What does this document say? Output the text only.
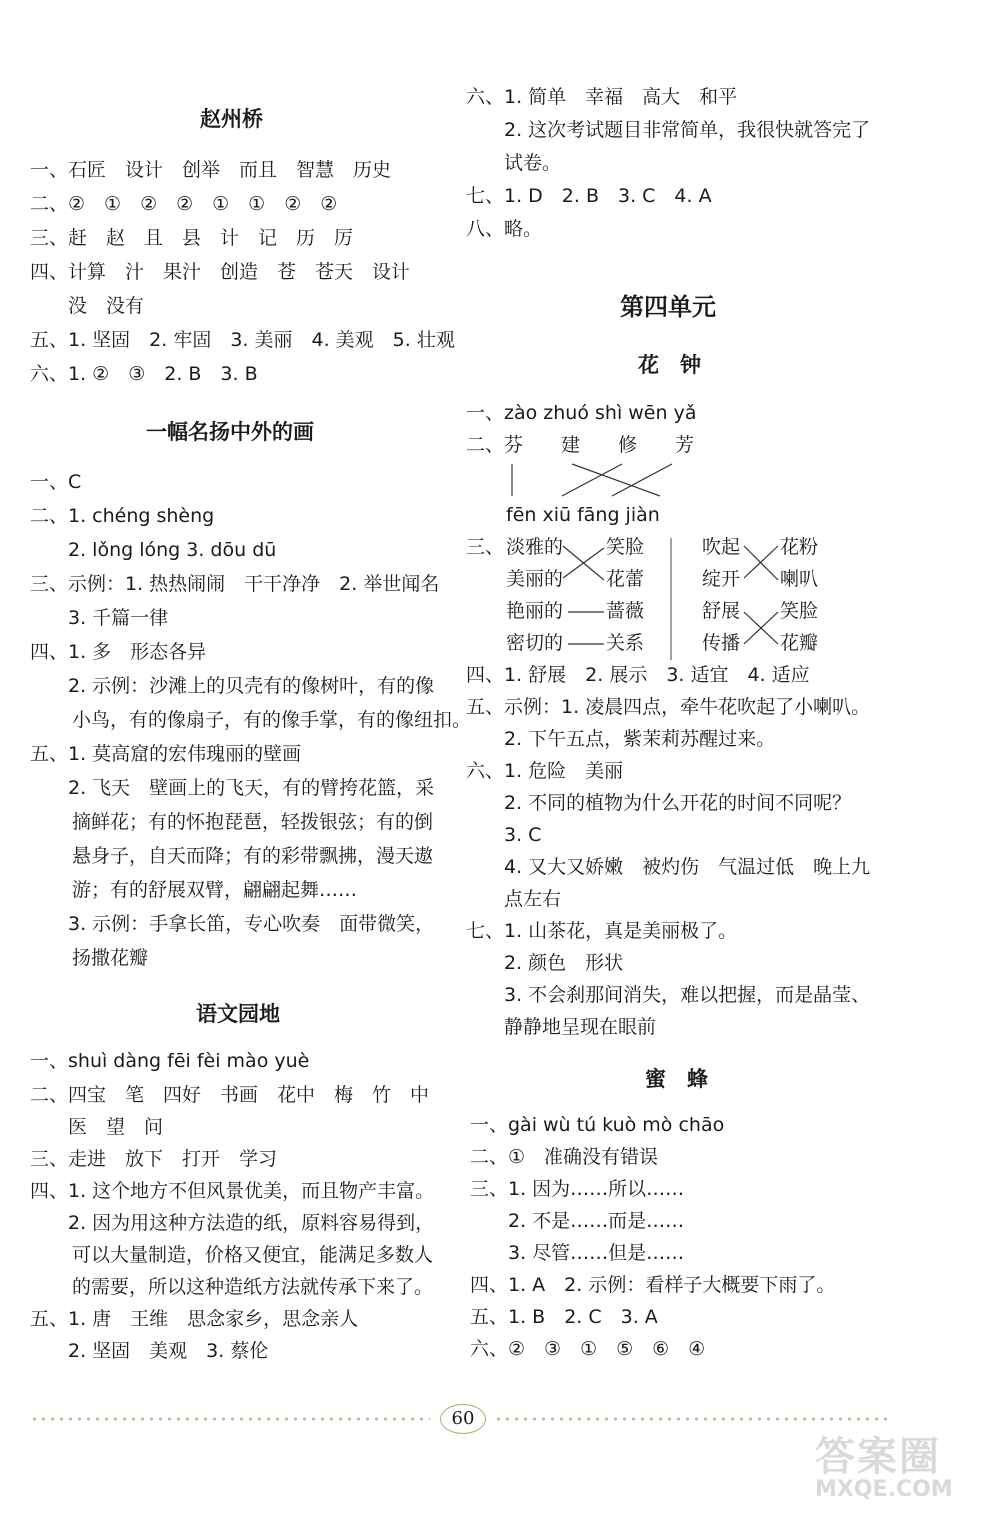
赵州桥
一、石匠　设计　创举　而且　智慧　历史
二、②　①　②　②　①　①　②　②
三、赶　赵　且　县　计　记　历　厉
四、计算　汁　果汁　创造　苍　苍天　设计
　　没　没有
五、1. 坚固　2. 牢固　3. 美丽　4. 美观　5. 壮观
六、1. ②　③　2. B　3. B
一幅名扬中外的画
一、C
二、1. chéng shèng
　　2. lǒng lóng 3. dōu dū
三、示例：1. 热热闹闹　干干净净　2. 举世闻名
　　3. 千篇一律
四、1. 多　形态各异
　　2. 示例：沙滩上的贝壳有的像树叶，有的像
小鸟，有的像扇子，有的像手掌，有的像纽扣。
五、1. 莫高窟的宏伟瑰丽的壁画
　　2. 飞天　壁画上的飞天，有的臂挎花篮，采
摘鲜花；有的怀抱琵琶，轻拨银弦；有的倒
悬身子，自天而降；有的彩带飘拂，漫天遨
游；有的舒展双臂，翩翩起舞……
　　3. 示例：手拿长笛，专心吹奏　面带微笑，
扬撒花瓣
语文园地
一、shuì dàng fēi fèi mào yuè
二、四宝　笔　四好　书画　花中　梅　竹　中
　　医　望　问
三、走进　放下　打开　学习
四、1. 这个地方不但风景优美，而且物产丰富。
　　2. 因为用这种方法造的纸，原料容易得到，
可以大量制造，价格又便宜，能满足多数人
的需要，所以这种造纸方法就传承下来了。
五、1. 唐　王维　思念家乡，思念亲人
　　2. 坚固　美观　3. 蔡伦
六、1. 简单　幸福　高大　和平
　　2. 这次考试题目非常简单，我很快就答完了
　　试卷。
七、1. D　2. B　3. C　4. A
八、略。
第四单元
花　钟
一、zào zhuó shì wēn yǎ
二、芬　　建　　修　　芳
fēn xiū fāng jiàn
三、 淡雅的
美丽的
艳丽的
密切的
笑脸
花蕾
蔷薇
关系
吹起
绽开
舒展
传播
花粉
喇叭
笑脸
花瓣
四、1. 舒展　2. 展示　3. 适宜　4. 适应
五、示例：1. 凌晨四点，牵牛花吹起了小喇叭。
　　2. 下午五点，紫茉莉苏醒过来。
六、1. 危险　美丽
　　2. 不同的植物为什么开花的时间不同呢？
　　3. C
　　4. 又大又娇嫩　被灼伤　气温过低　晚上九
　　点左右
七、1. 山茶花，真是美丽极了。
　　2. 颜色　形状
　　3. 不会刹那间消失，难以把握，而是晶莹、
　　静静地呈现在眼前
蜜　蜂
一、gài wù tú kuò mò chāo
二、①　准确没有错误
三、1. 因为……所以……
　　2. 不是……而是……
　　3. 尽管……但是……
四、1. A　2. 示例：看样子大概要下雨了。
五、1. B　2. C　3. A
六、②　③　①　⑤　⑥　④
60
答案圈
MXQE.COM
